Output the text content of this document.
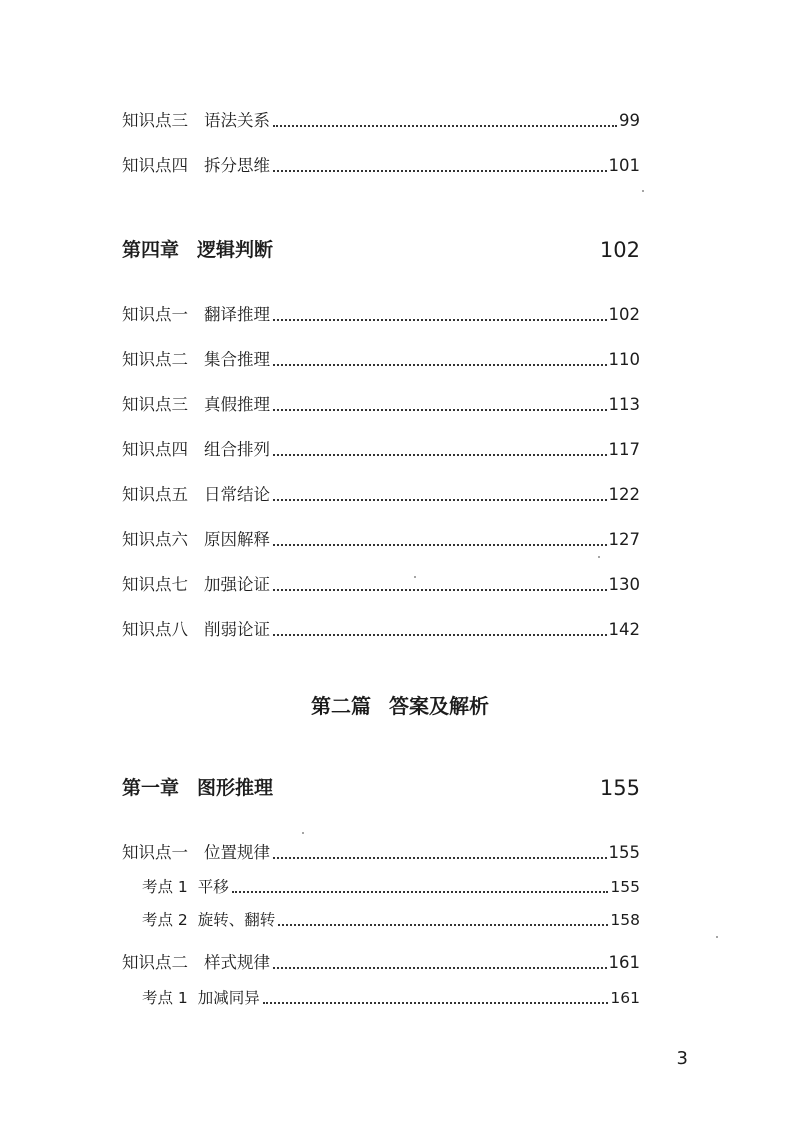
知识点三 语法关系	99
知识点四 拆分思维	101
第四章 逻辑判断	102
知识点一 翻译推理	102
知识点二 集合推理	110
知识点三 真假推理	113
知识点四 组合排列	117
知识点五 日常结论	122
知识点六 原因解释	127
知识点七 加强论证	130
知识点八 削弱论证	142
第二篇 答案及解析
第一章 图形推理	155
知识点一 位置规律	155
考点 1 平移	155
考点 2 旋转、翻转	158
知识点二 样式规律	161
考点 1 加减同异	161
3
